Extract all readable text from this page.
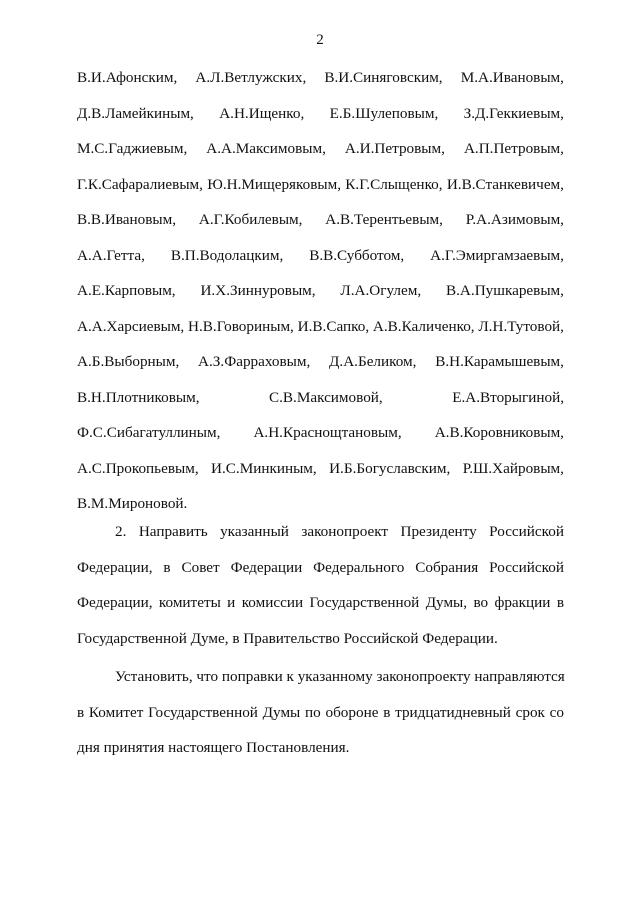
2
В.И.Афонским, А.Л.Ветлужских, В.И.Синяговским, М.А.Ивановым,
Д.В.Ламейкиным, А.Н.Ищенко, Е.Б.Шулеповым, З.Д.Геккиевым,
М.С.Гаджиевым, А.А.Максимовым, А.И.Петровым, А.П.Петровым,
Г.К.Сафаралиевым, Ю.Н.Мищеряковым, К.Г.Слыщенко, И.В.Станкевичем,
В.В.Ивановым, А.Г.Кобилевым, А.В.Терентьевым, Р.А.Азимовым,
А.А.Гетта, В.П.Водолацким, В.В.Субботом, А.Г.Эмиргамзаевым,
А.Е.Карповым, И.Х.Зиннуровым, Л.А.Огулем, В.А.Пушкаревым,
А.А.Харсиевым, Н.В.Говориным, И.В.Сапко, А.В.Каличенко, Л.Н.Тутовой,
А.Б.Выборным, А.З.Фарраховым, Д.А.Беликом, В.Н.Карамышевым,
В.Н.Плотниковым,	С.В.Максимовой,	Е.А.Вторыгиной,
Ф.С.Сибагатуллиным, А.Н.Краснощтановым, А.В.Коровниковым,
А.С.Прокопьевым, И.С.Минкиным, И.Б.Богуславским, Р.Ш.Хайровым,
В.М.Мироновой.
2. Направить указанный законопроект Президенту Российской
Федерации, в Совет Федерации Федерального Собрания Российской
Федерации, комитеты и комиссии Государственной Думы, во фракции в
Государственной Думе, в Правительство Российской Федерации.
Установить, что поправки к указанному законопроекту направляются
в Комитет Государственной Думы по обороне в тридцатидневный срок со
дня принятия настоящего Постановления.
